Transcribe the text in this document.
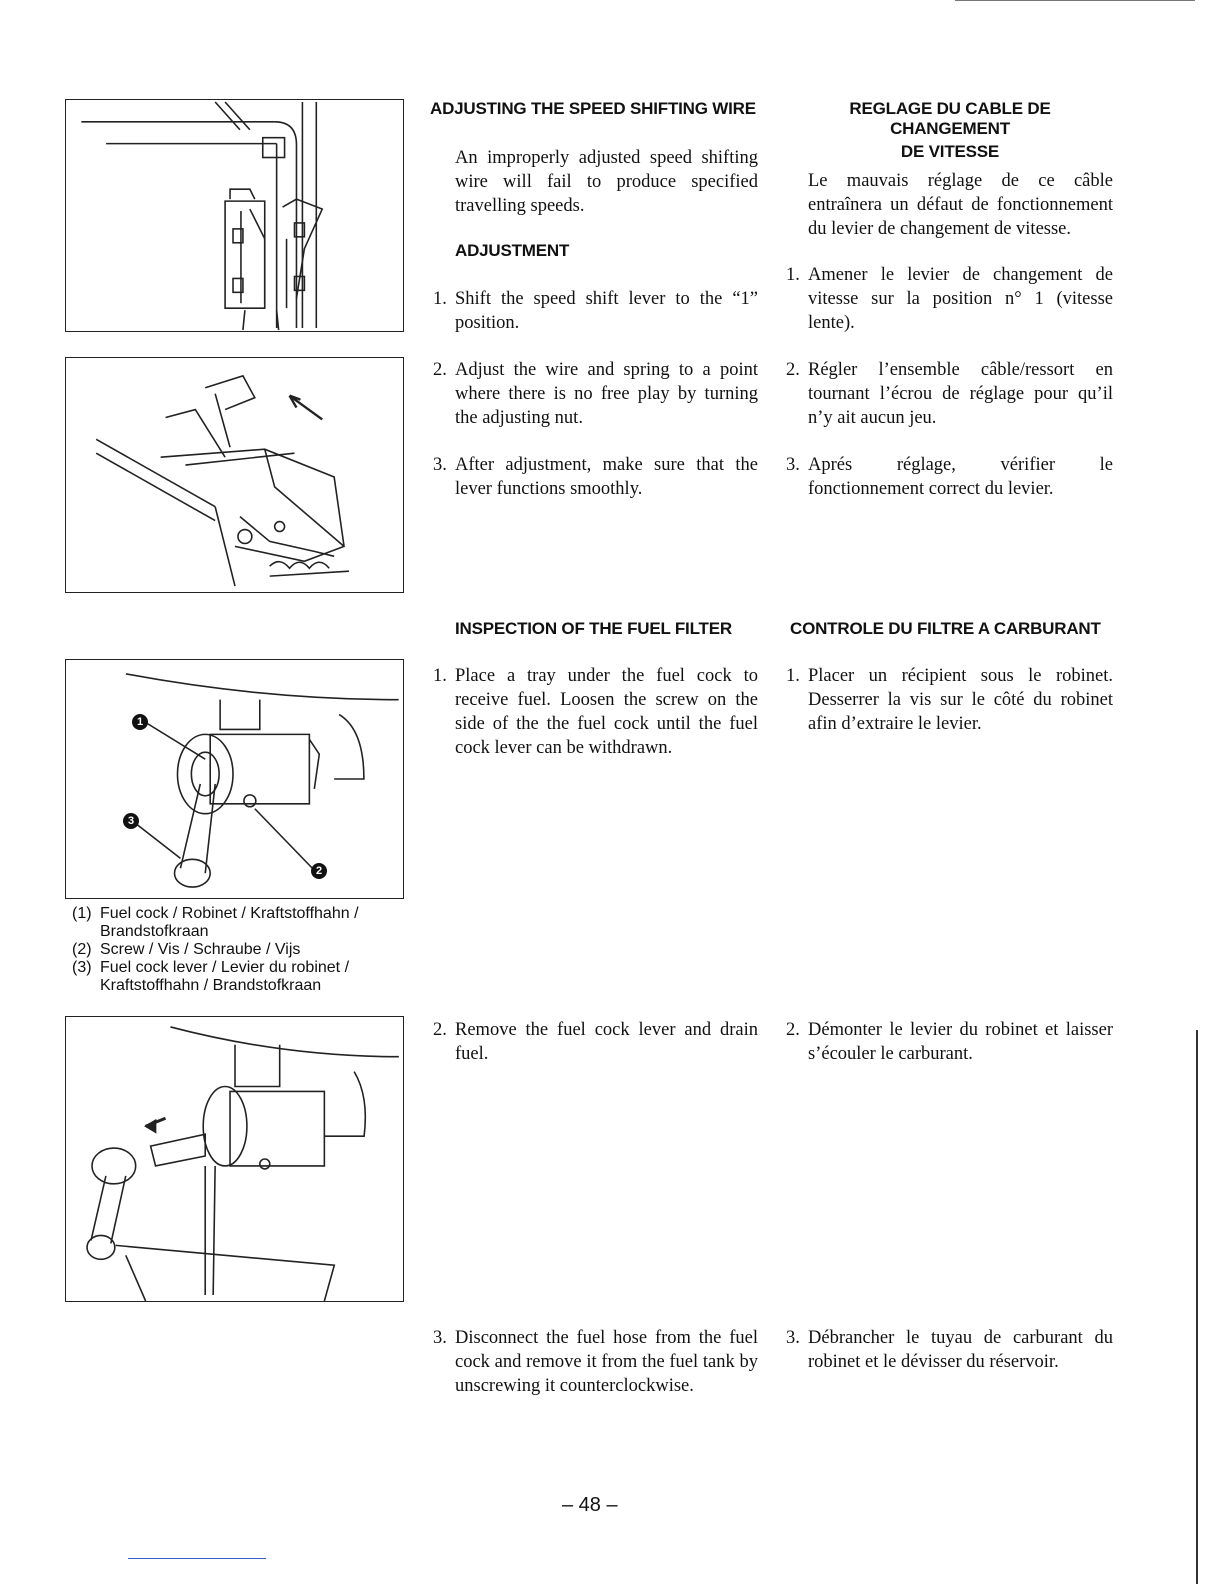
1
3
2
(1) Fuel cock / Robinet / Kraftstoffhahn /
Brandstofkraan
(2) Screw / Vis / Schraube / Vijs
(3) Fuel cock lever / Levier du robinet /
Kraftstoffhahn / Brandstofkraan

ADJUSTING THE SPEED SHIFTING WIRE	REGLAGE DU CABLE DE CHANGEMENT

DE VITESSE

An improperly adjusted speed shifting wire will fail to produce specified travelling speeds.

Le mauvais réglage de ce câble entraînera un défaut de fonctionnement du levier de changement de vitesse.

ADJUSTMENT

1. Shift the speed shift lever to the “1” position.
1. Amener le levier de changement de vitesse sur la position n° 1 (vitesse lente).
2. Adjust the wire and spring to a point where there is no free play by turning the adjusting nut.
2. Régler l’ensemble câble/ressort en tournant l’écrou de réglage pour qu’il n’y ait aucun jeu.
3. After adjustment, make sure that the lever functions smoothly.
3. Aprés réglage, vérifier le fonctionnement correct du levier.

INSPECTION OF THE FUEL FILTER	CONTROLE DU FILTRE A CARBURANT

1. Place a tray under the fuel cock to receive fuel. Loosen the screw on the side of the the fuel cock until the fuel cock lever can be withdrawn.
1. Placer un récipient sous le robinet. Desserrer la vis sur le côté du robinet afin d’extraire le levier.
2. Remove the fuel cock lever and drain fuel.
2. Démonter le levier du robinet et laisser s’écouler le carburant.
3. Disconnect the fuel hose from the fuel cock and remove it from the fuel tank by unscrewing it counterclockwise.
3. Débrancher le tuyau de carburant du robinet et le dévisser du réservoir.
– 48 –
